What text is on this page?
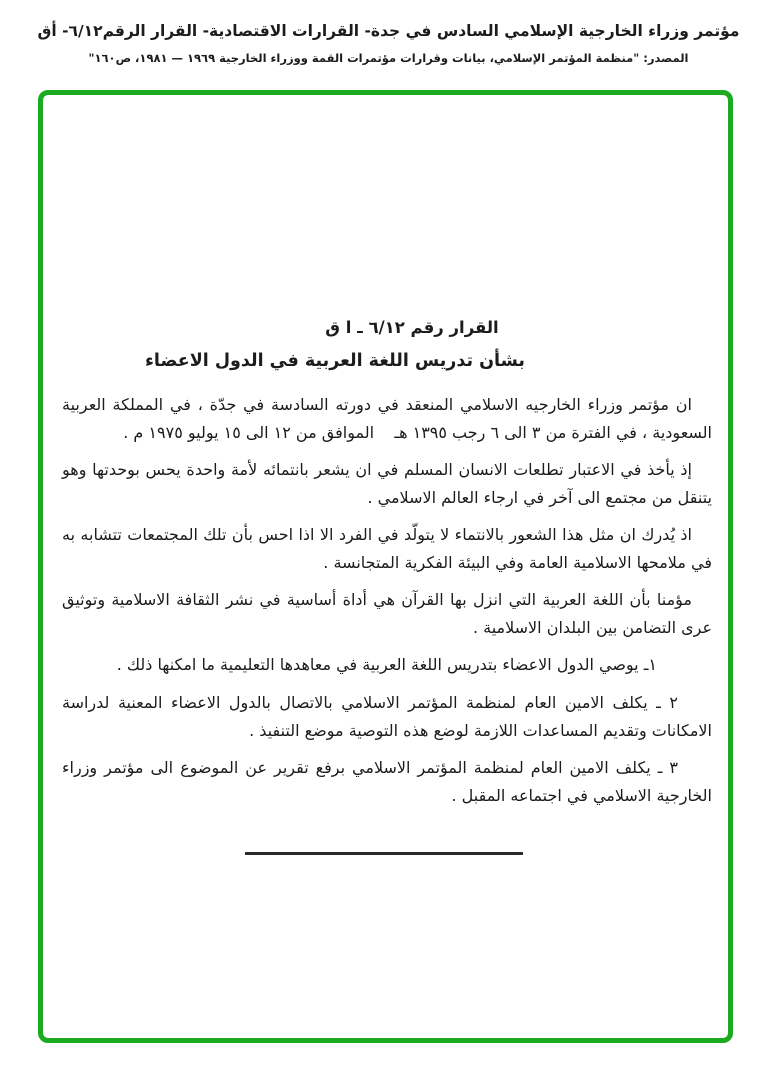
مؤتمر وزراء الخارجية الإسلامي السادس في جدة- القرارات الاقتصادية- القرار الرقم٦/١٢- أق
المصدر: "منظمة المؤتمر الإسلامي، بيانات وقرارات مؤتمرات القمة ووزراء الخارجية ١٩٦٩ — ١٩٨١، ص١٦٠"
القرار رقم ٦/١٢ ـ ا ق
بشأن تدريس اللغة العربية في الدول الاعضاء

ان مؤتمر وزراء الخارجيه الاسلامي المنعقد في دورته السادسة في جدّة ، في المملكة العربية السعودية ، في الفترة من ٣ الى ٦ رجب ١٣٩٥ هـ    الموافق من ١٢ الى ١٥ يوليو ١٩٧٥ م .

إذ يأخذ في الاعتبار تطلعات الانسان المسلم في ان يشعر بانتمائه لأمة واحدة يحس بوحدتها وهو يتنقل من مجتمع الى آخر في ارجاء العالم الاسلامي .

اذ يُدرك ان مثل هذا الشعور بالانتماء لا يتولّد في الفرد الا اذا احس بأن تلك المجتمعات تتشابه به في ملامحها الاسلامية العامة وفي البيئة الفكرية المتجانسة .

مؤمنا بأن اللغة العربية التي انزل بها القرآن هي أداة أساسية في نشر الثقافة الاسلامية وتوثيق عرى التضامن بين البلدان الاسلامية .

١ـ يوصي الدول الاعضاء بتدريس اللغة العربية في معاهدها التعليمية ما امكنها ذلك .

٢ ـ يكلف الامين العام لمنظمة المؤتمر الاسلامي بالاتصال بالدول الاعضاء المعنية لدراسة الامكانات وتقديم المساعدات اللازمة لوضع هذه التوصية موضع التنفيذ .

٣ ـ يكلف الامين العام لمنظمة المؤتمر الاسلامي برفع تقرير عن الموضوع الى مؤتمر وزراء الخارجية الاسلامي في اجتماعه المقبل .
